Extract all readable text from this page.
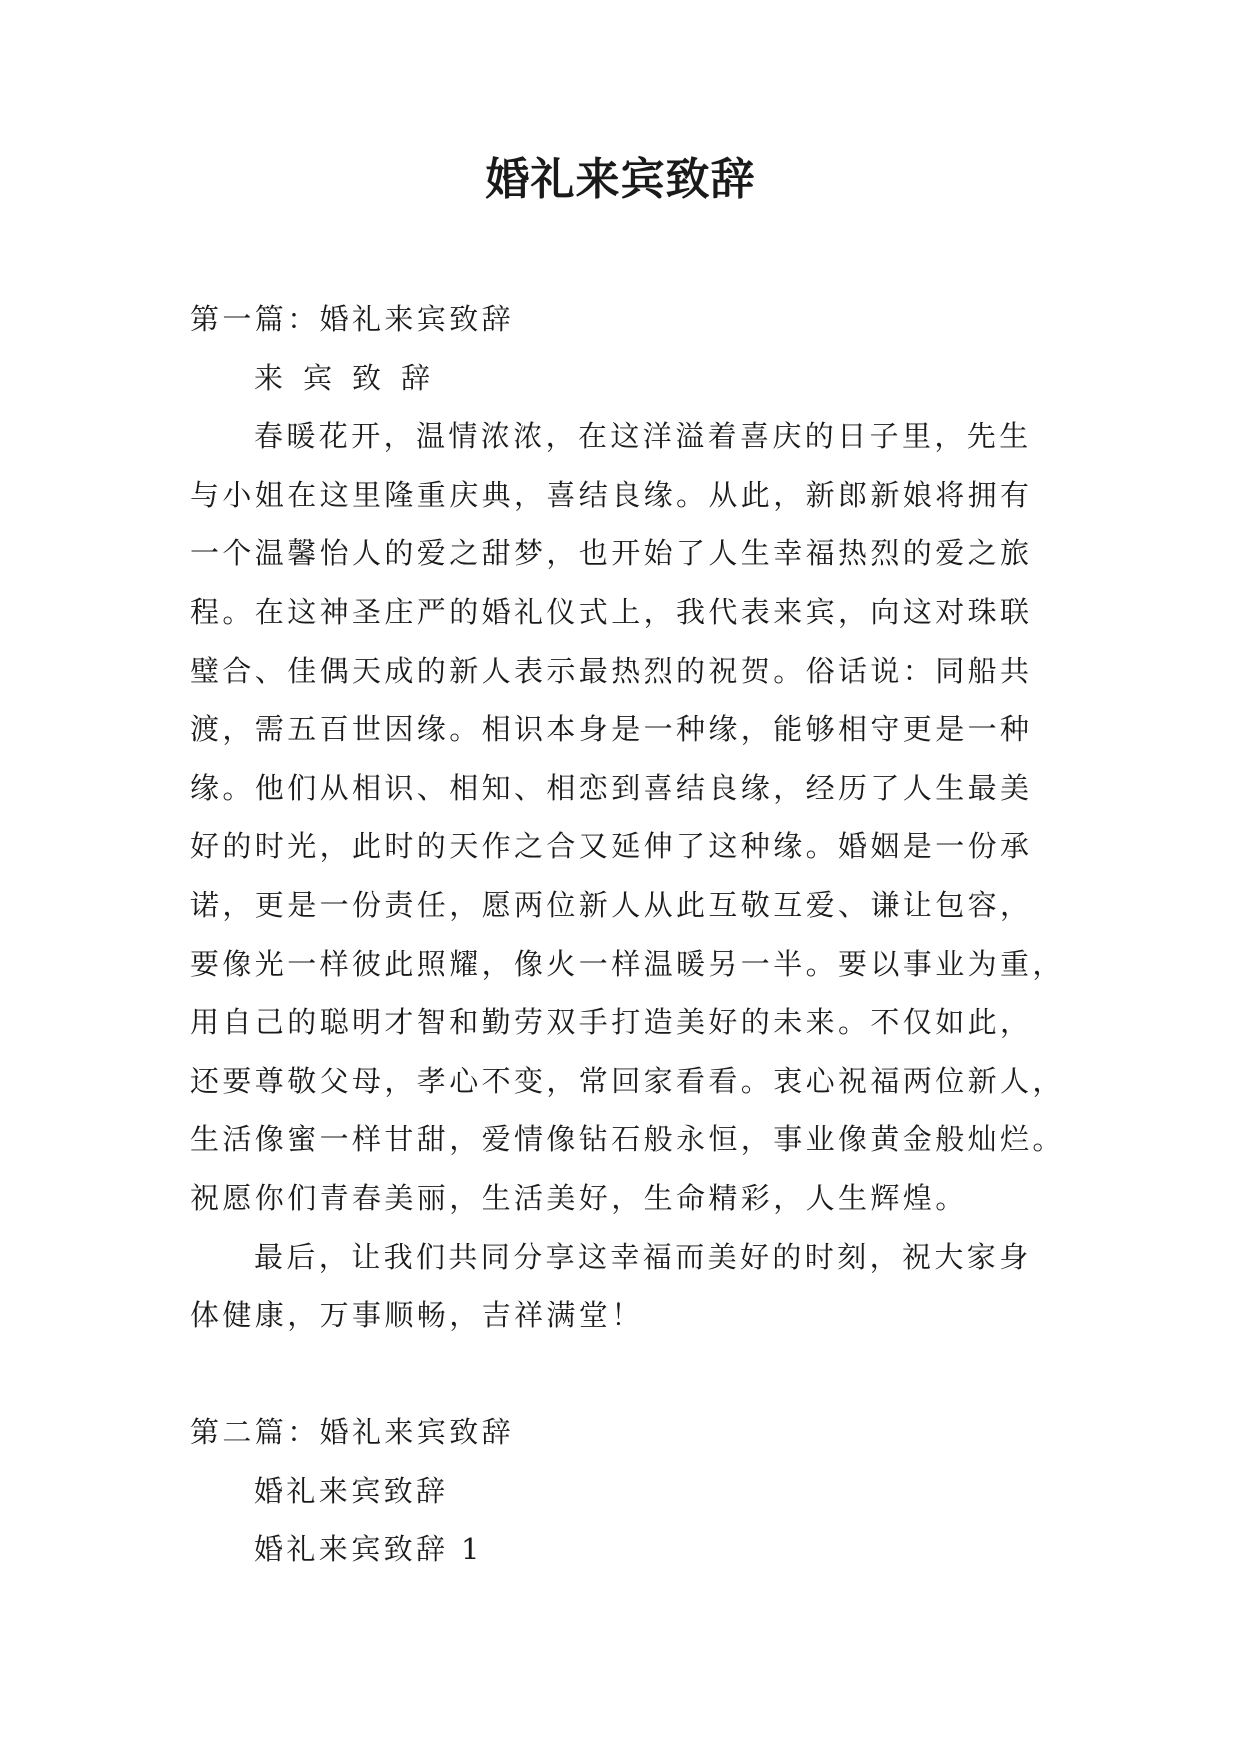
婚礼来宾致辞

第一篇：婚礼来宾致辞

来宾致辞

春暖花开，温情浓浓，在这洋溢着喜庆的日子里，先生

与小姐在这里隆重庆典，喜结良缘。从此，新郎新娘将拥有

一个温馨怡人的爱之甜梦，也开始了人生幸福热烈的爱之旅

程。在这神圣庄严的婚礼仪式上，我代表来宾，向这对珠联

璧合、佳偶天成的新人表示最热烈的祝贺。俗话说：同船共

渡，需五百世因缘。相识本身是一种缘，能够相守更是一种

缘。他们从相识、相知、相恋到喜结良缘，经历了人生最美

好的时光，此时的天作之合又延伸了这种缘。婚姻是一份承

诺，更是一份责任，愿两位新人从此互敬互爱、谦让包容，

要像光一样彼此照耀，像火一样温暖另一半。要以事业为重，

用自己的聪明才智和勤劳双手打造美好的未来。不仅如此，

还要尊敬父母，孝心不变，常回家看看。衷心祝福两位新人，

生活像蜜一样甘甜，爱情像钻石般永恒，事业像黄金般灿烂。

祝愿你们青春美丽，生活美好，生命精彩，人生辉煌。

最后，让我们共同分享这幸福而美好的时刻，祝大家身

体健康，万事顺畅，吉祥满堂！

第二篇：婚礼来宾致辞

婚礼来宾致辞

婚礼来宾致辞 1
